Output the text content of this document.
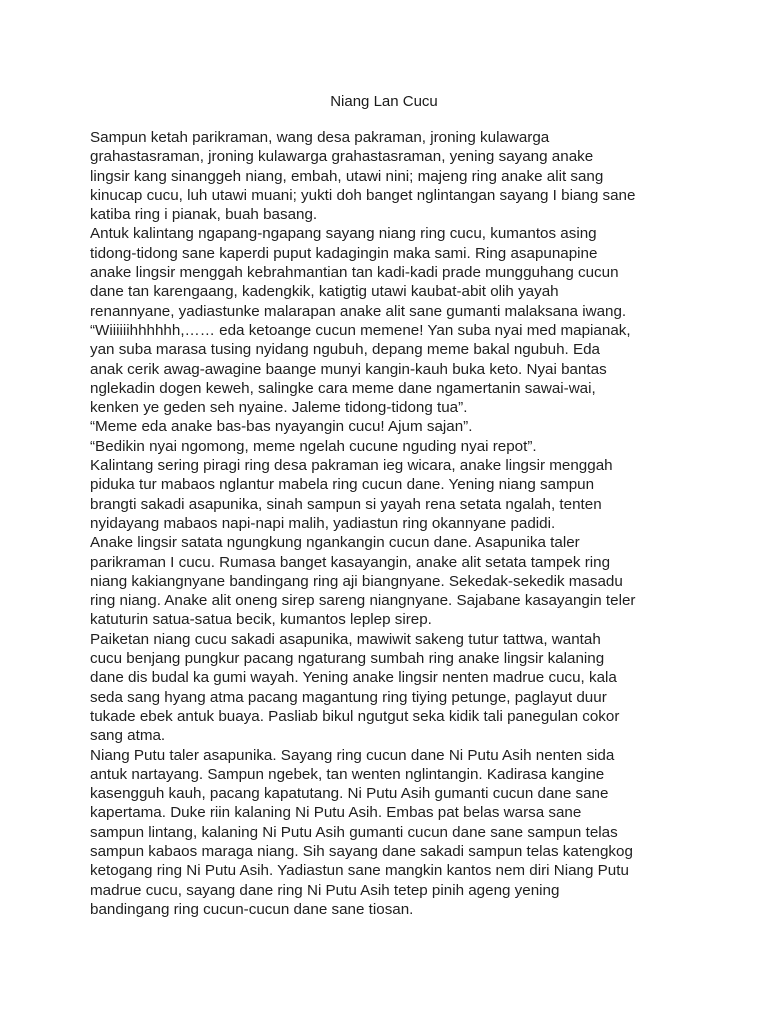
Niang Lan Cucu
Sampun ketah parikraman, wang desa pakraman, jroning kulawarga
grahastasraman, jroning kulawarga grahastasraman, yening sayang anake
lingsir kang sinanggeh niang, embah, utawi nini; majeng ring anake alit sang
kinucap cucu, luh utawi muani; yukti doh banget nglintangan sayang I biang sane
katiba ring i pianak, buah basang.
Antuk kalintang ngapang-ngapang sayang niang ring cucu, kumantos asing
tidong-tidong sane kaperdi puput kadagingin maka sami. Ring asapunapine
anake lingsir menggah kebrahmantian tan kadi-kadi prade mungguhang cucun
dane tan karengaang, kadengkik, katigtig utawi kaubat-abit olih yayah
renannyane, yadiastunke malarapan anake alit sane gumanti malaksana iwang.
“Wiiiiiihhhhhh,…… eda ketoange cucun memene! Yan suba nyai med mapianak,
yan suba marasa tusing nyidang ngubuh, depang meme bakal ngubuh. Eda
anak cerik awag-awagine baange munyi kangin-kauh buka keto. Nyai bantas
nglekadin dogen keweh, salingke cara meme dane ngamertanin sawai-wai,
kenken ye geden seh nyaine. Jaleme tidong-tidong tua”.
“Meme eda anake bas-bas nyayangin cucu! Ajum sajan”.
“Bedikin nyai ngomong, meme ngelah cucune nguding nyai repot”.
Kalintang sering piragi ring desa pakraman ieg wicara, anake lingsir menggah
piduka tur mabaos nglantur mabela ring cucun dane. Yening niang sampun
brangti sakadi asapunika, sinah sampun si yayah rena setata ngalah, tenten
nyidayang mabaos napi-napi malih, yadiastun ring okannyane padidi.
Anake lingsir satata ngungkung ngankangin cucun dane. Asapunika taler
parikraman I cucu. Rumasa banget kasayangin, anake alit setata tampek ring
niang kakiangnyane bandingang ring aji biangnyane. Sekedak-sekedik masadu
ring niang. Anake alit oneng sirep sareng niangnyane. Sajabane kasayangin teler
katuturin satua-satua becik, kumantos leplep sirep.
Paiketan niang cucu sakadi asapunika, mawiwit sakeng tutur tattwa, wantah
cucu benjang pungkur pacang ngaturang sumbah ring anake lingsir kalaning
dane dis budal ka gumi wayah. Yening anake lingsir nenten madrue cucu, kala
seda sang hyang atma pacang magantung ring tiying petunge, paglayut duur
tukade ebek antuk buaya. Pasliab bikul ngutgut seka kidik tali panegulan cokor
sang atma.
Niang Putu taler asapunika. Sayang ring cucun dane Ni Putu Asih nenten sida
antuk nartayang. Sampun ngebek, tan wenten nglintangin. Kadirasa kangine
kasengguh kauh, pacang kapatutang. Ni Putu Asih gumanti cucun dane sane
kapertama. Duke riin kalaning Ni Putu Asih. Embas pat belas warsa sane
sampun lintang, kalaning Ni Putu Asih gumanti cucun dane sane sampun telas
sampun kabaos maraga niang. Sih sayang dane sakadi sampun telas katengkog
ketogang ring Ni Putu Asih. Yadiastun sane mangkin kantos nem diri Niang Putu
madrue cucu, sayang dane ring Ni Putu Asih tetep pinih ageng yening
bandingang ring cucun-cucun dane sane tiosan.
